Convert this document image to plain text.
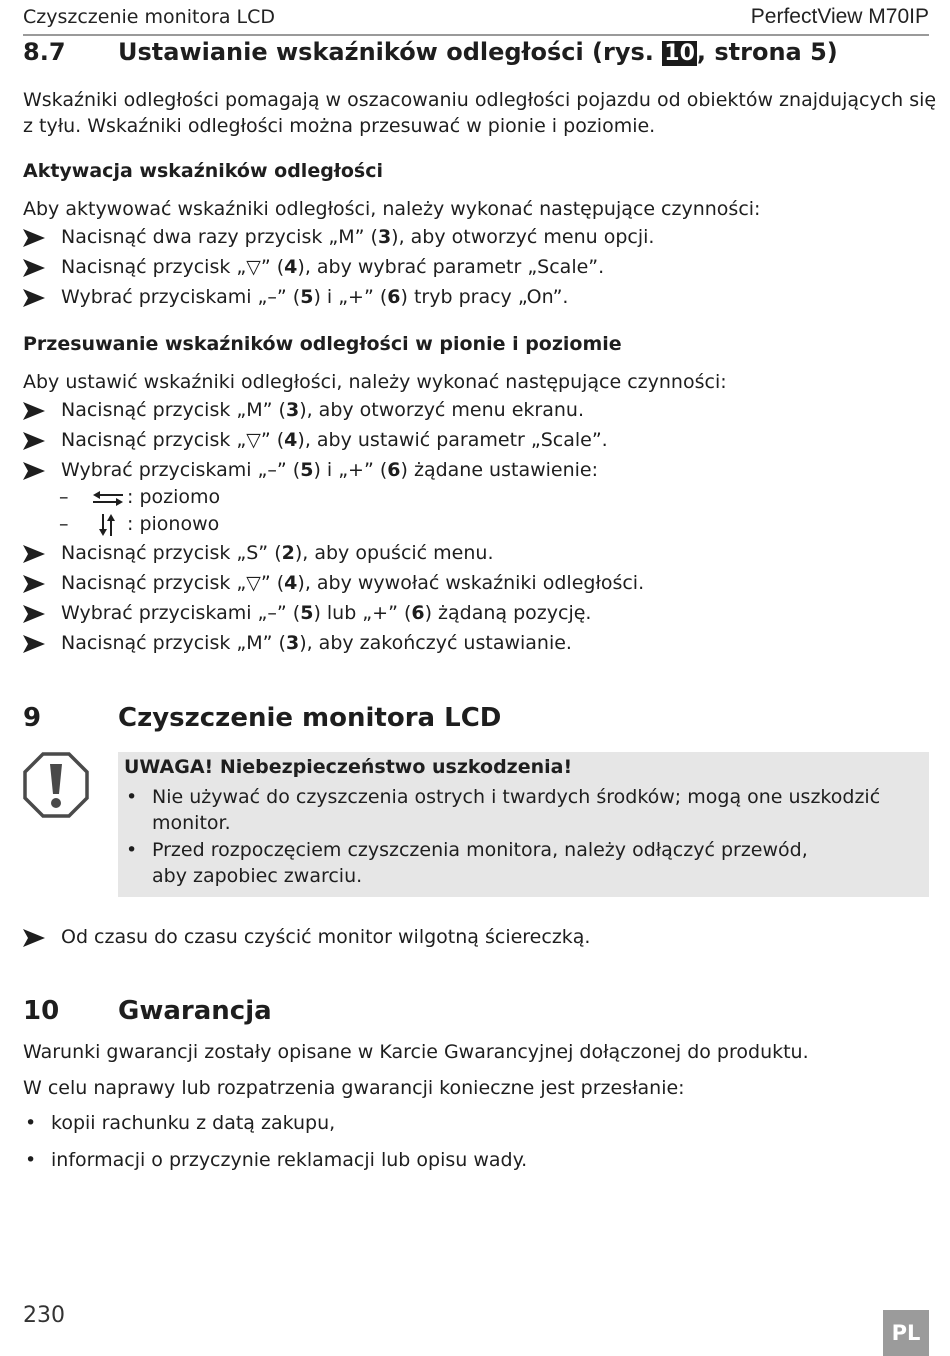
Czyszczenie monitora LCD	PerfectView M70IP
8.7 Ustawianie wskaźników odległości (rys. 10, strona 5)
Wskaźniki odległości pomagają w oszacowaniu odległości pojazdu od obiektów znajdujących się
z tyłu. Wskaźniki odległości można przesuwać w pionie i poziomie.
Aktywacja wskaźników odległości
Aby aktywować wskaźniki odległości, należy wykonać następujące czynności:
Nacisnąć dwa razy przycisk „M” (3), aby otworzyć menu opcji.
Nacisnąć przycisk „▽” (4), aby wybrać parametr „Scale”.
Wybrać przyciskami „–” (5) i „+” (6) tryb pracy „On”.
Przesuwanie wskaźników odległości w pionie i poziomie
Aby ustawić wskaźniki odległości, należy wykonać następujące czynności:
Nacisnąć przycisk „M” (3), aby otworzyć menu ekranu.
Nacisnąć przycisk „▽” (4), aby ustawić parametr „Scale”.
Wybrać przyciskami „–” (5) i „+” (6) żądane ustawienie:
–	: poziomo
–	: pionowo
Nacisnąć przycisk „S” (2), aby opuścić menu.
Nacisnąć przycisk „▽” (4), aby wywołać wskaźniki odległości.
Wybrać przyciskami „–” (5) lub „+” (6) żądaną pozycję.
Nacisnąć przycisk „M” (3), aby zakończyć ustawianie.
9	Czyszczenie monitora LCD
UWAGA! Niebezpieczeństwo uszkodzenia!
• Nie używać do czyszczenia ostrych i twardych środków; mogą one uszkodzić
monitor.
• Przed rozpoczęciem czyszczenia monitora, należy odłączyć przewód,
aby zapobiec zwarciu.
Od czasu do czasu czyścić monitor wilgotną ściereczką.
10 Gwarancja
Warunki gwarancji zostały opisane w Karcie Gwarancyjnej dołączonej do produktu.
W celu naprawy lub rozpatrzenia gwarancji konieczne jest przesłanie:
• kopii rachunku z datą zakupu,
• informacji o przyczynie reklamacji lub opisu wady.
230
PL
